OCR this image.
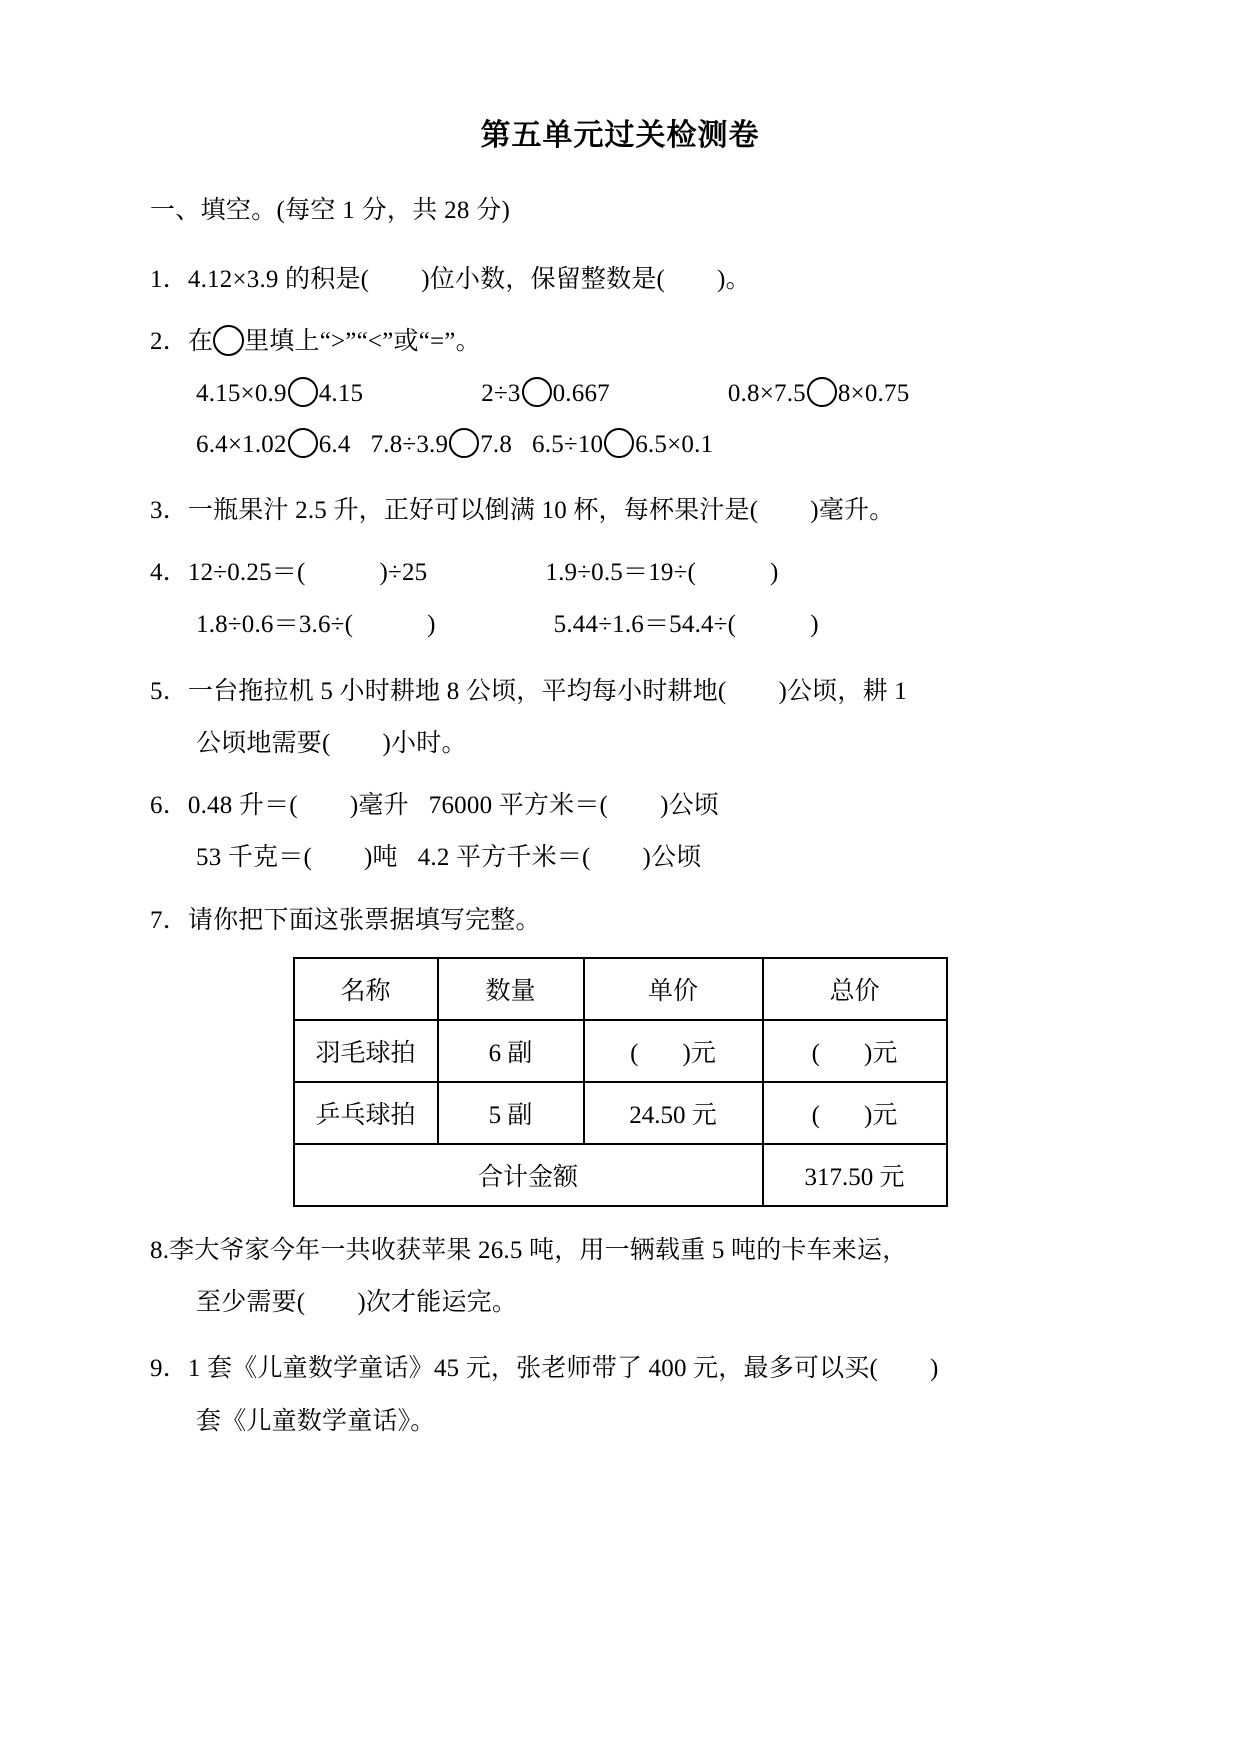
第五单元过关检测卷
一、填空。(每空 1 分，共 28 分)
1．4.12×3.9 的积是( )位小数，保留整数是( )。
2．在 里填上“>”“<”或“=”。
4.15×0.9 4.15	2÷3 0.667	0.8×7.5 8×0.75
6.4×1.02 6.4 7.8÷3.9 7.8 6.5÷10 6.5×0.1
3．一瓶果汁 2.5 升，正好可以倒满 10 杯，每杯果汁是( )毫升。
4．12÷0.25＝(	)÷25	1.9÷0.5＝19÷(	)
1.8÷0.6＝3.6÷(	)	5.44÷1.6＝54.4÷(	)
5．一台拖拉机 5 小时耕地 8 公顷，平均每小时耕地( )公顷，耕 1
公顷地需要( )小时。
6．0.48 升＝( )毫升 76000 平方米＝( )公顷
53 千克＝( )吨 4.2 平方千米＝( )公顷
7．请你把下面这张票据填写完整。
名称	数量	单价	总价
羽毛球拍	6 副	( )元	( )元
乒乓球拍	5 副	24.50 元	( )元
合计金额			317.50 元
8.李大爷家今年一共收获苹果 26.5 吨，用一辆载重 5 吨的卡车来运，
至少需要( )次才能运完。
9．1 套《儿童数学童话》45 元，张老师带了 400 元，最多可以买( )
套《儿童数学童话》。
